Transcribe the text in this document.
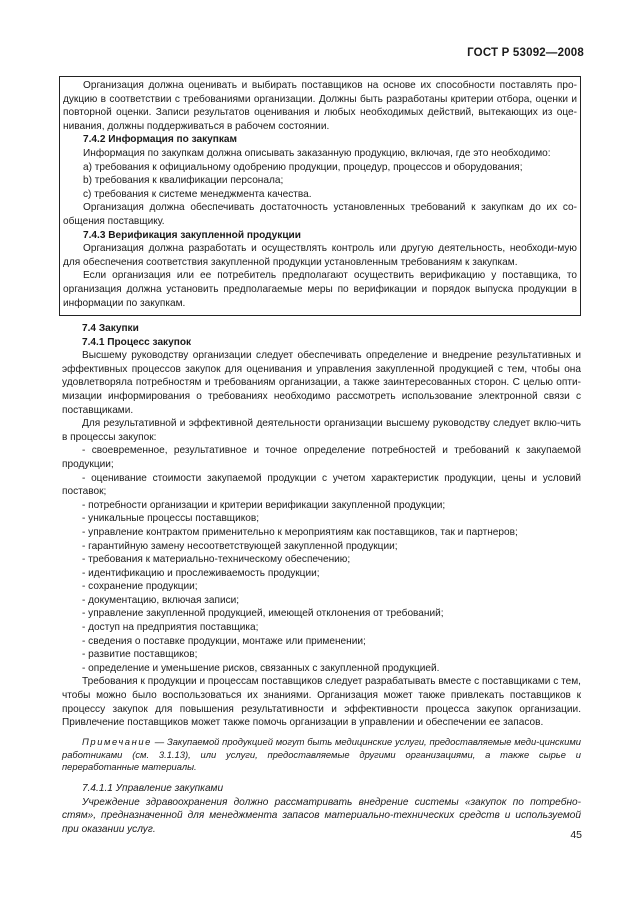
ГОСТ Р 53092—2008

Организация должна оценивать и выбирать поставщиков на основе их способности поставлять про-дукцию в соответствии с требованиями организации. Должны быть разработаны критерии отбора, оценки и повторной оценки. Записи результатов оценивания и любых необходимых действий, вытекающих из оце-нивания, должны поддерживаться в рабочем состоянии.

7.4.2 Информация по закупкам

Информация по закупкам должна описывать заказанную продукцию, включая, где это необходимо:

а) требования к официальному одобрению продукции, процедур, процессов и оборудования;

b) требования к квалификации персонала;

c) требования к системе менеджмента качества.

Организация должна обеспечивать достаточность установленных требований к закупкам до их со-общения поставщику.

7.4.3 Верификация закупленной продукции

Организация должна разработать и осуществлять контроль или другую деятельность, необходи-мую для обеспечения соответствия закупленной продукции установленным требованиям к закупкам.

Если организация или ее потребитель предполагают осуществить верификацию у поставщика, то организация должна установить предполагаемые меры по верификации и порядок выпуска продукции в информации по закупкам.

7.4 Закупки

7.4.1 Процесс закупок

Высшему руководству организации следует обеспечивать определение и внедрение результативных и эффективных процессов закупок для оценивания и управления закупленной продукцией с тем, чтобы она удовлетворяла потребностям и требованиям организации, а также заинтересованных сторон. С целью опти-мизации информирования о требованиях необходимо рассмотреть использование электронной связи с поставщиками.

Для результативной и эффективной деятельности организации высшему руководству следует вклю-чить в процессы закупок:

- своевременное, результативное и точное определение потребностей и требований к закупаемой продукции;

- оценивание стоимости закупаемой продукции с учетом характеристик продукции, цены и условий поставок;

- потребности организации и критерии верификации закупленной продукции;

- уникальные процессы поставщиков;

- управление контрактом применительно к мероприятиям как поставщиков, так и партнеров;

- гарантийную замену несоответствующей закупленной продукции;

- требования к материально-техническому обеспечению;

- идентификацию и прослеживаемость продукции;

- сохранение продукции;

- документацию, включая записи;

- управление закупленной продукцией, имеющей отклонения от требований;

- доступ на предприятия поставщика;

- сведения о поставке продукции, монтаже или применении;

- развитие поставщиков;

- определение и уменьшение рисков, связанных с закупленной продукцией.

Требования к продукции и процессам поставщиков следует разрабатывать вместе с поставщиками с тем, чтобы можно было воспользоваться их знаниями. Организация может также привлекать поставщиков к процессу закупок для повышения результативности и эффективности процесса закупок организации. Привлечение поставщиков может также помочь организации в управлении и обеспечении ее запасов.

Примечание — Закупаемой продукцией могут быть медицинские услуги, предоставляемые меди-цинскими работниками (см. 3.1.13), или услуги, предоставляемые другими организациями, а также сырье и переработанные материалы.

7.4.1.1 Управление закупками

Учреждение здравоохранения должно рассматривать внедрение системы «закупок по потребно-стям», предназначенной для менеджмента запасов материально-технических средств и используемой при оказании услуг.	45
